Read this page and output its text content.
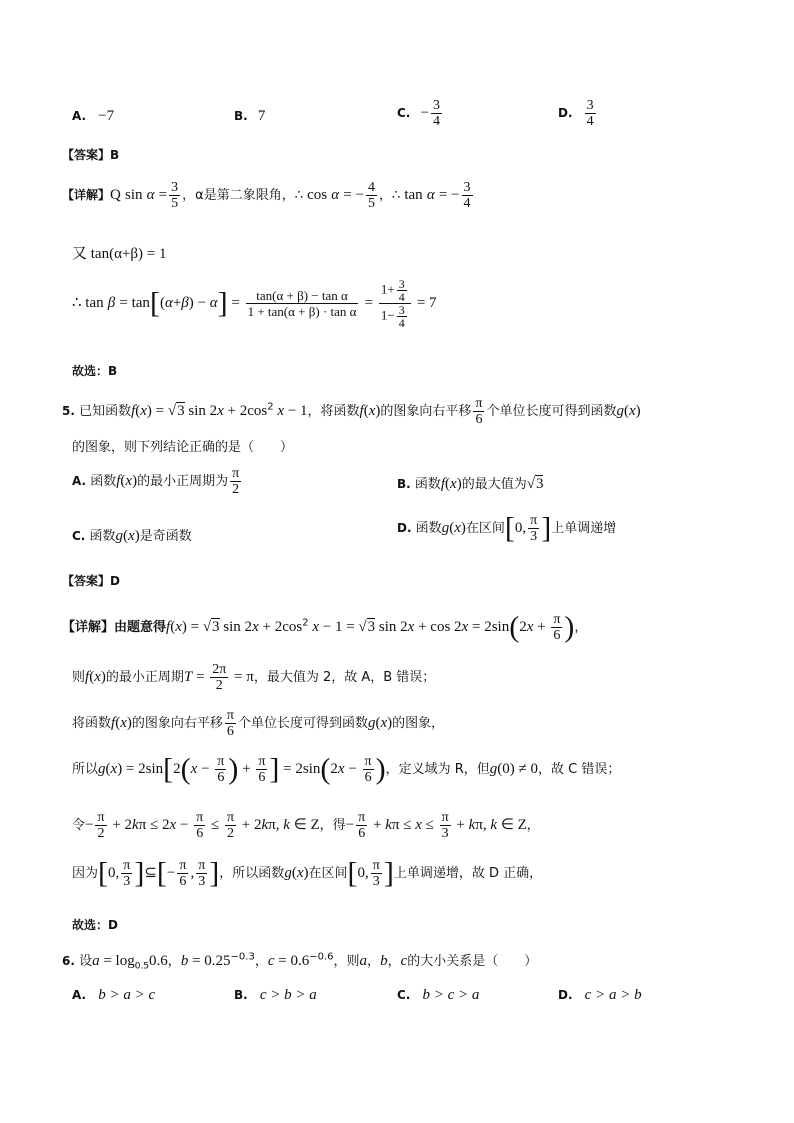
A. −7	B. 7	C. − $\frac{3}{4}$	D. $\frac{3}{4}$
【答案】B
【详解】Q $\sin \alpha = \frac{3}{5}$ ，α是第二象限角，∴ cos α = − $\frac{4}{5}$ ，∴ tan α = − $\frac{3}{4}$
又 tan(α+β) = 1
∴ $\tan \beta = \tan[(\alpha+\beta) - \alpha] = \frac{\text{tan(α + β) − tan α}}{\text{1 + tan(α + β) · tan α}} = \frac{1+ \frac{3}{4}}{1- \frac{3}{4}} = 7$
故选：B
5. 已知函数f(x) = √3 $\sin 2x + 2\cos^2$ x − 1，将函数f(x)的图象向右平移 $\frac{\pi}{6}$ 个单位长度可得到函数g(x)
的图象，则下列结论正确的是（　　）
A. 函数f(x)的最小正周期为 $\frac{\pi}{2}$	B. 函数f(x)的最大值为√3
C. 函数g(x)是奇函数
D. 函数g(x)在区间[0, $\frac{\pi}{3}$ ]上单调递增
【答案】D
【详解】由题意得f(x) = √3 $\sin 2x + 2\cos^2$ x − 1 = √3 $\sin 2x + \cos 2x = 2\sin(2x + \frac{\pi}{6}$ )，
则f(x)的最小正周期$T = \frac{2\pi}{2} = \pi$，最大值为 2，故 A，B 错误；
将函数f(x)的图象向右平移 $\frac{\pi}{6}$ 个单位长度可得到函数g(x)的图象，
所以$g(x) = 2\sin[2(x - \frac{\pi}{6}$ ) + $\frac{\pi}{6}$ ] = $2\sin(2x - \frac{\pi}{6}$ )，定义域为 R，但g(0) ≠ 0，故 C 错误；
令− $\frac{\pi}{2} + 2k\pi \le 2x - \frac{\pi}{6} \le \frac{\pi}{2} + 2k\pi$, k ∈ Z，得− $\frac{\pi}{6} + k\pi \le x \le \frac{\pi}{3} + k\pi$, k ∈ Z，
因为[0, $\frac{\pi}{3}$ ]⊆[− $\frac{\pi}{6}$ , $\frac{\pi}{3}$ ]，所以函数g(x)在区间[0, $\frac{\pi}{3}$ ]上单调递增，故 D 正确，
故选：D
6. 设$a = \log_{0.5}0.6$，$b = 0.25^{-0.3}$，$c = 0.6^{-0.6}$，则a，b，c的大小关系是（　　）
A. b > a > c	B. c > b > a	C. b > c > a	D. c > a > b
